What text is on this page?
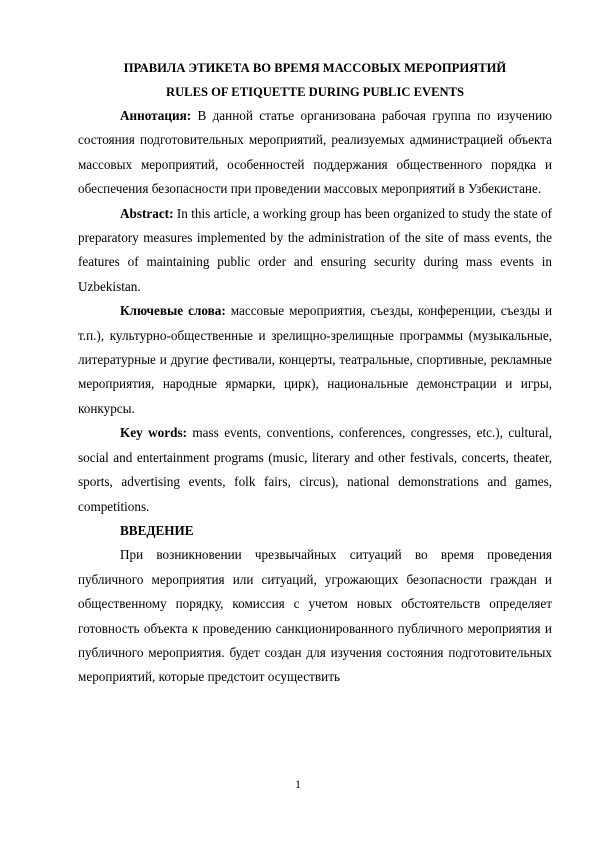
ПРАВИЛА ЭТИКЕТА ВО ВРЕМЯ МАССОВЫХ МЕРОПРИЯТИЙ
RULES OF ETIQUETTE DURING PUBLIC EVENTS

Аннотация: В данной статье организована рабочая группа по изучению состояния подготовительных мероприятий, реализуемых администрацией объекта массовых мероприятий, особенностей поддержания общественного порядка и обеспечения безопасности при проведении массовых мероприятий в Узбекистане.

Abstract: In this article, a working group has been organized to study the state of preparatory measures implemented by the administration of the site of mass events, the features of maintaining public order and ensuring security during mass events in Uzbekistan.

Ключевые слова: массовые мероприятия, съезды, конференции, съезды и т.п.), культурно-общественные и зрелищно-зрелищные программы (музыкальные, литературные и другие фестивали, концерты, театральные, спортивные, рекламные мероприятия, народные ярмарки, цирк), национальные демонстрации и игры, конкурсы.

Key words: mass events, conventions, conferences, congresses, etc.), cultural, social and entertainment programs (music, literary and other festivals, concerts, theater, sports, advertising events, folk fairs, circus), national demonstrations and games, competitions.

ВВЕДЕНИЕ

При возникновении чрезвычайных ситуаций во время проведения публичного мероприятия или ситуаций, угрожающих безопасности граждан и общественному порядку, комиссия с учетом новых обстоятельств определяет готовность объекта к проведению санкционированного публичного мероприятия и публичного мероприятия. будет создан для изучения состояния подготовительных мероприятий, которые предстоит осуществить

1
